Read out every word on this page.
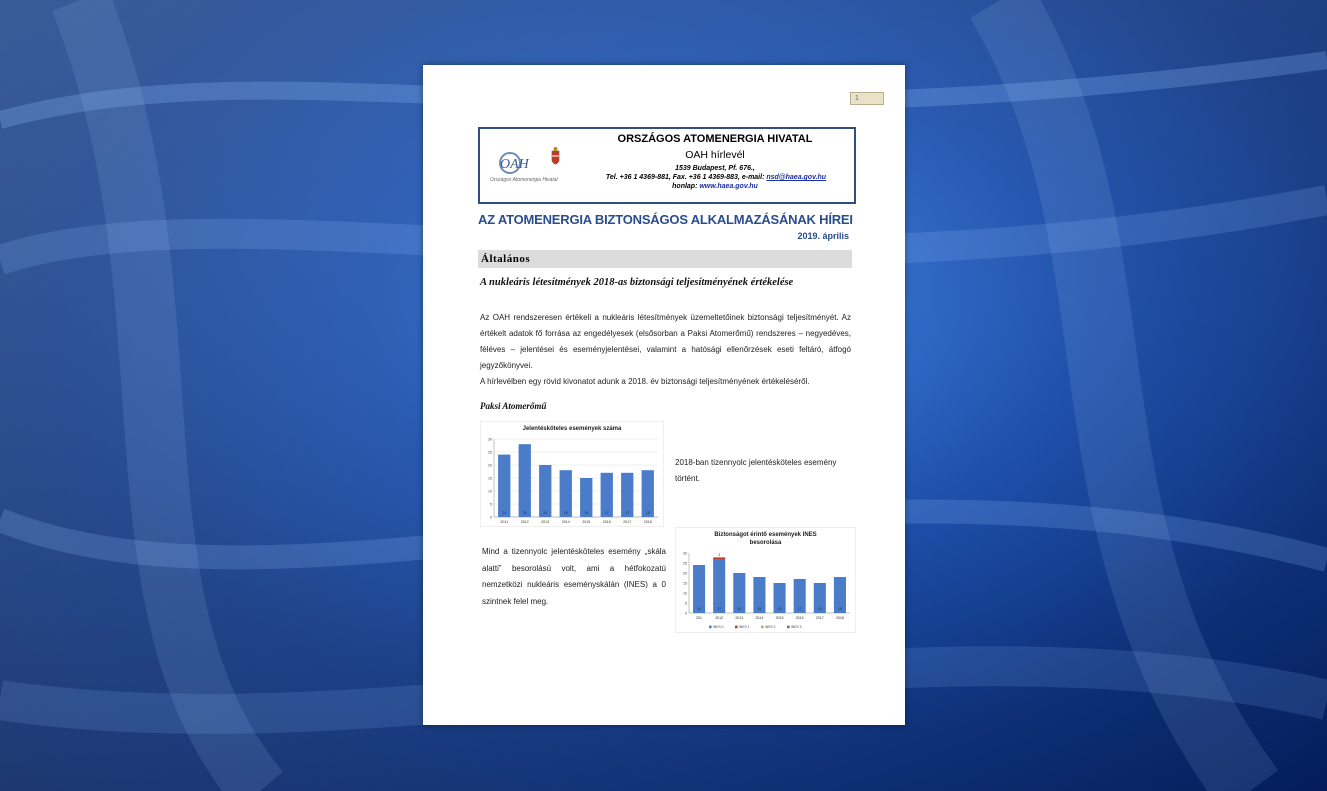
1
OAH
Országos Atomenergia Hivatal
ORSZÁGOS ATOMENERGIA HIVATAL
OAH hírlevél
1539 Budapest, Pf. 676.,
Tel. +36 1 4369-881, Fax. +36 1 4369-883, e-mail: nsd@haea.gov.hu
honlap: www.haea.gov.hu
AZ ATOMENERGIA BIZTONSÁGOS ALKALMAZÁSÁNAK HÍREI
2019. április
Általános
A nukleáris létesítmények 2018-as biztonsági teljesítményének értékelése
Az OAH rendszeresen értékeli a nukleáris létesítmények üzemeltetőinek biztonsági teljesítményét. Az értékelt adatok fő forrása az engedélyesek (elsősorban a Paksi Atomerőmű) rendszeres – negyedéves, féléves – jelentései és eseményjelentései, valamint a hatósági ellenőrzések eseti feltáró, átfogó jegyzőkönyvei.
A hírlevélben egy rövid kivonatot adunk a 2018. év biztonsági teljesítményének értékeléséről.
Paksi Atomerőmű
Jelentésköteles események száma
0
5
10
15
20
25
30
24
2011
28
2012
20
2013
18
2014
15
2015
17
2016
17
2017
18
2018
2018-ban tizennyolc jelentésköteles esemény történt.
Mind a tizennyolc jelentésköteles esemény „skála alatti” besorolású volt, ami a hétfokozatú nemzetközi nukleáris eseményskálán (INES) a 0 szintnek felel meg.
Biztonságot érintő események INES
besorolása
0
5
10
15
20
25
30
24
201
27
2012
1
20
2013
18
2014
15
2015
17
2016
15
2017
18
2018
INES 0	INES 1	INES 2	INES 3
